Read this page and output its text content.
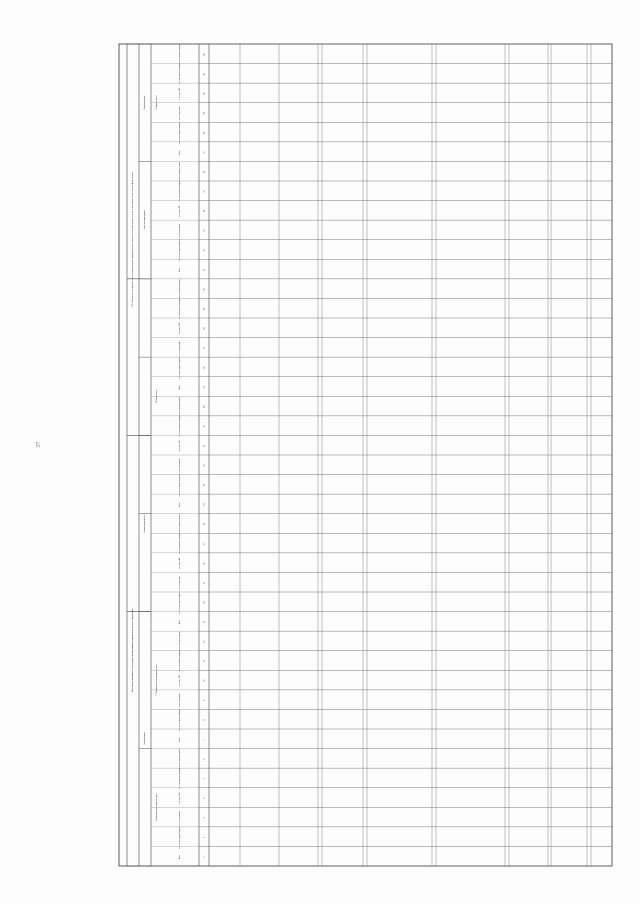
1
2
3
4
5
6
7
8
9
10
11
12
13
14
15
16
17
18
19
20
21
22
23
24
25
26
27
28
29
30
31
32
33
34
35
36
37
38
39
40
41
42
Численность контингента обучающихся и выпускников по программам высшего образования
1.3.6. Численность обучающихся по отдельным категориям и формам обучения, показатели по итогам приема, в том числе выпускники очной и заочной форм обучения
Очная форма
Очная форма (в т.ч.)
Очно-заочная форма
Заочная форма
1.6 Численность студентов (тыс.)
1.7 Численность обучающихся (тыс.)
1.8 Прием (тыс.)
1.9 Выпуск (тыс.)
Всего
в т.ч. за счет средств бюджетов
в т.ч. по договорам
в т.ч. лиц с ОВЗ
в т.ч. иностранных граждан
из них по целевому приему
Всего
в т.ч. за счет средств бюджетов
в т.ч. по договорам
в т.ч. лиц с ОВЗ
в т.ч. иностранных граждан
из них по целевому приему
Всего
в т.ч. за счет средств бюджетов
в т.ч. по договорам
в т.ч. лиц с ОВЗ
в т.ч. иностранных граждан
из них по целевому приему
Всего
в т.ч. за счет средств бюджетов
в т.ч. по договорам
в т.ч. лиц с ОВЗ
в т.ч. иностранных граждан
из них по целевому приему
Всего
в т.ч. за счет средств бюджетов
в т.ч. по договорам
в т.ч. лиц с ОВЗ
в т.ч. иностранных граждан
из них по целевому приему
Всего
в т.ч. за счет средств бюджетов
в т.ч. по договорам
в т.ч. лиц с ОВЗ
в т.ч. иностранных граждан
из них по целевому приему
Всего
в т.ч. за счет средств бюджетов
в т.ч. по договорам
в т.ч. лиц с ОВЗ
в т.ч. иностранных граждан
из них по целевому приему
37
